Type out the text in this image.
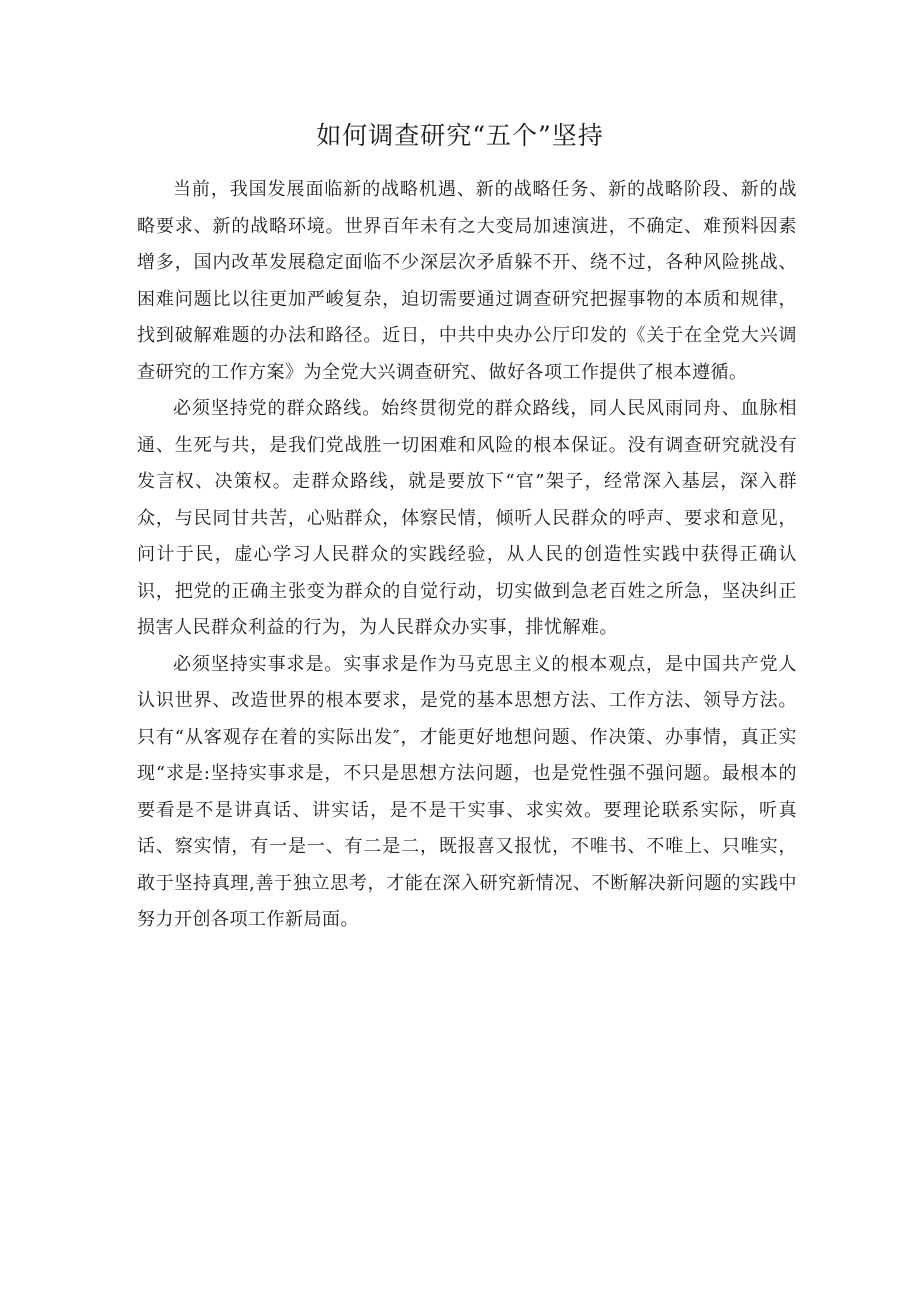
如何调查研究“五个”坚持

当前，我国发展面临新的战略机遇、新的战略任务、新的战略阶段、新的战略要求、新的战略环境。世界百年未有之大变局加速演进，不确定、难预料因素增多，国内改革发展稳定面临不少深层次矛盾躲不开、绕不过，各种风险挑战、困难问题比以往更加严峻复杂，迫切需要通过调查研究把握事物的本质和规律，找到破解难题的办法和路径。近日，中共中央办公厅印发的《关于在全党大兴调查研究的工作方案》为全党大兴调查研究、做好各项工作提供了根本遵循。

必须坚持党的群众路线。始终贯彻党的群众路线，同人民风雨同舟、血脉相通、生死与共，是我们党战胜一切困难和风险的根本保证。没有调查研究就没有发言权、决策权。走群众路线，就是要放下“官”架子，经常深入基层，深入群众，与民同甘共苦，心贴群众，体察民情，倾听人民群众的呼声、要求和意见，问计于民，虚心学习人民群众的实践经验，从人民的创造性实践中获得正确认识，把党的正确主张变为群众的自觉行动，切实做到急老百姓之所急，坚决纠正损害人民群众利益的行为，为人民群众办实事，排忧解难。

必须坚持实事求是。实事求是作为马克思主义的根本观点，是中国共产党人认识世界、改造世界的根本要求，是党的基本思想方法、工作方法、领导方法。只有“从客观存在着的实际出发″，才能更好地想问题、作决策、办事情，真正实现“求是:坚持实事求是，不只是思想方法问题，也是党性强不强问题。最根本的要看是不是讲真话、讲实话，是不是干实事、求实效。要理论联系实际，听真话、察实情，有一是一、有二是二，既报喜又报忧，不唯书、不唯上、只唯实，敢于坚持真理,善于独立思考，才能在深入研究新情况、不断解决新问题的实践中努力开创各项工作新局面。
